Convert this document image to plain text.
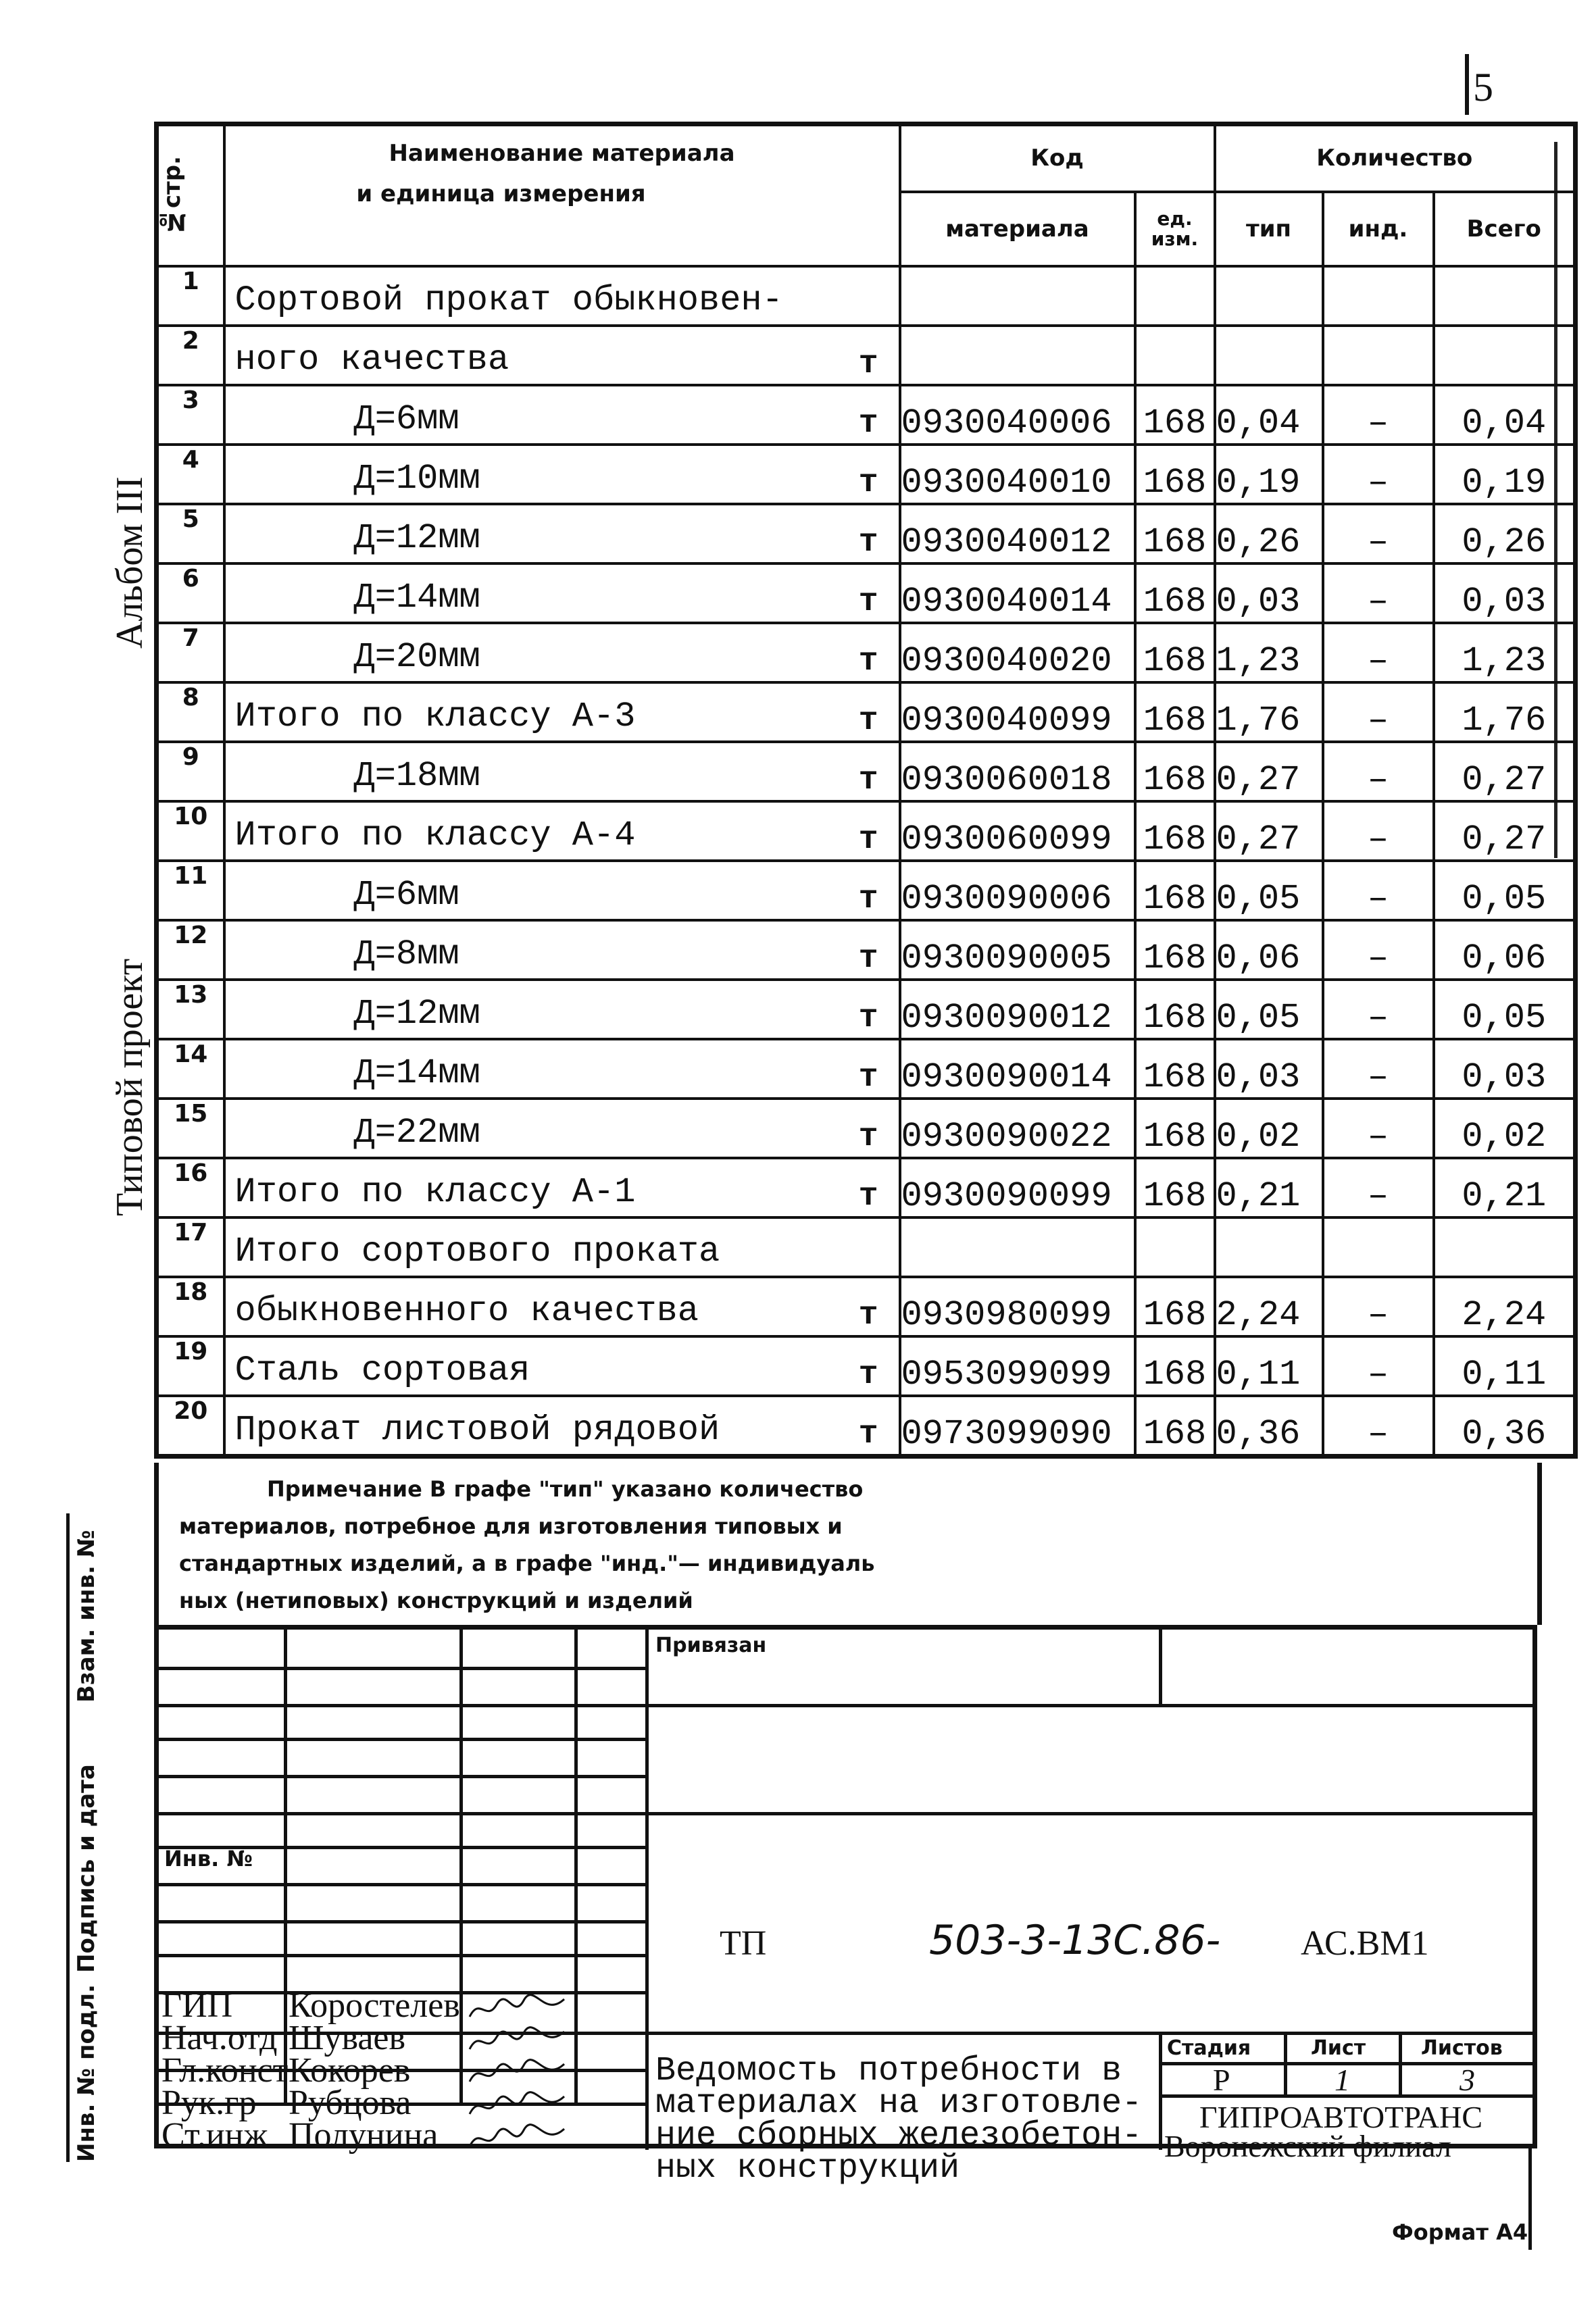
5
Альбом III
Типовой проект
Взам. инв. №
Подпись и дата
Инв. № подл.
№стр.	Наименование материала
и единица измерения	Код		Количество		
		материала	ед. изм.	тип	инд.	Всего
1	Сортовой прокат обыкновен-					

2	ного качества т					

3	Д=6мм т	0930040006	168	0,04	–	0,04
4	Д=10мм т	0930040010	168	0,19	–	0,19
5	Д=12мм т	0930040012	168	0,26	–	0,26
6	Д=14мм т	0930040014	168	0,03	–	0,03
7	Д=20мм т	0930040020	168	1,23	–	1,23
8	Итого по классу А-3 т	0930040099	168	1,76	–	1,76
9	Д=18мм т	0930060018	168	0,27	–	0,27
10	Итого по классу А-4 т	0930060099	168	0,27	–	0,27
11	Д=6мм т	0930090006	168	0,05	–	0,05
12	Д=8мм т	0930090005	168	0,06	–	0,06
13	Д=12мм т	0930090012	168	0,05	–	0,05
14	Д=14мм т	0930090014	168	0,03	–	0,03
15	Д=22мм т	0930090022	168	0,02	–	0,02
16	Итого по классу А-1 т	0930090099	168	0,21	–	0,21
17	Итого сортового проката					

18	обыкновенного качества т	0930980099	168	2,24	–	2,24
19	Сталь сортовая т	0953099099	168	0,11	–	0,11
20	Прокат листовой рядовой т	0973099090	168	0,36	–	0,36

Примечание В графе "тип" указано количество

материалов, потребное для изготовления типовых и

стандартных изделий, а в графе "инд."— индивидуаль

ных (нетиповых) конструкций и изделий

Привязан
Инв. №
ТП	503-3-13С.86- АС.ВМ1
Ведомость потребности в
материалах на изготовле-
ние сборных железобетон-
ных конструкций
Стадия	Лист	Листов
Р	1	3
ГИПРОАВТОТРАНС
Воронежский филиал
ГИП Коростелев
Нач.отд Шуваев
Гл.конст Кокорев
Рук.гр Рубцова
Ст.инж Полунина
Формат А4
